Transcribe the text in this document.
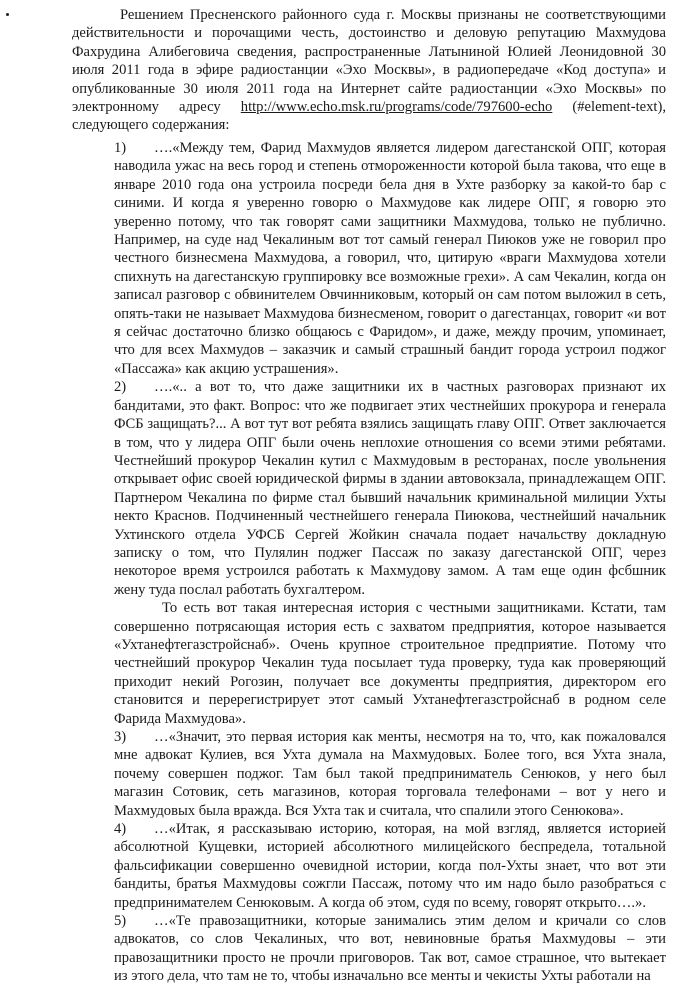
Решением Пресненского районного суда г. Москвы признаны не соответствующими действительности и порочащими честь, достоинство и деловую репутацию Махмудова Фахрудина Алибеговича сведения, распространенные Латыниной Юлией Леонидовной 30 июля 2011 года в эфире радиостанции «Эхо Москвы», в радиопередаче «Код доступа» и опубликованные 30 июля 2011 года на Интернет сайте радиостанции «Эхо Москвы» по электронному адресу http://www.echo.msk.ru/programs/code/797600-echo (#element-text), следующего содержания:

1) ….«Между тем, Фарид Махмудов является лидером дагестанской ОПГ, которая наводила ужас на весь город и степень отмороженности которой была такова, что еще в январе 2010 года она устроила посреди бела дня в Ухте разборку за какой-то бар с синими. И когда я уверенно говорю о Махмудове как лидере ОПГ, я говорю это уверенно потому, что так говорят сами защитники Махмудова, только не публично. Например, на суде над Чекалиным вот тот самый генерал Пиюков уже не говорил про честного бизнесмена Махмудова, а говорил, что, цитирую «враги Махмудова хотели спихнуть на дагестанскую группировку все возможные грехи». А сам Чекалин, когда он записал разговор с обвинителем Овчинниковым, который он сам потом выложил в сеть, опять-таки не называет Махмудова бизнесменом, говорит о дагестанцах, говорит «и вот я сейчас достаточно близко общаюсь с Фаридом», и даже, между прочим, упоминает, что для всех Махмудов – заказчик и самый страшный бандит города устроил поджог «Пассажа» как акцию устрашения».

2) ….«.. а вот то, что даже защитники их в частных разговорах признают их бандитами, это факт. Вопрос: что же подвигает этих честнейших прокурора и генерала ФСБ защищать?... А вот тут вот ребята взялись защищать главу ОПГ. Ответ заключается в том, что у лидера ОПГ были очень неплохие отношения со всеми этими ребятами. Честнейший прокурор Чекалин кутил с Махмудовым в ресторанах, после увольнения открывает офис своей юридической фирмы в здании автовокзала, принадлежащем ОПГ. Партнером Чекалина по фирме стал бывший начальник криминальной милиции Ухты некто Краснов. Подчиненный честнейшего генерала Пиюкова, честнейший начальник Ухтинского отдела УФСБ Сергей Жойкин сначала подает начальству докладную записку о том, что Пулялин поджег Пассаж по заказу дагестанской ОПГ, через некоторое время устроился работать к Махмудову замом. А там еще один фсбшник жену туда послал работать бухгалтером.

То есть вот такая интересная история с честными защитниками. Кстати, там совершенно потрясающая история есть с захватом предприятия, которое называется «Ухтанефтегазстройснаб». Очень крупное строительное предприятие. Потому что честнейший прокурор Чекалин туда посылает туда проверку, туда как проверяющий приходит некий Рогозин, получает все документы предприятия, директором его становится и перерегистрирует этот самый Ухтанефтегазстройснаб в родном селе Фарида Махмудова».

3) …«Значит, это первая история как менты, несмотря на то, что, как пожаловался мне адвокат Кулиев, вся Ухта думала на Махмудовых. Более того, вся Ухта знала, почему совершен поджог. Там был такой предприниматель Сенюков, у него был магазин Сотовик, сеть магазинов, которая торговала телефонами – вот у него и Махмудовых была вражда. Вся Ухта так и считала, что спалили этого Сенюкова».

4) …«Итак, я рассказываю историю, которая, на мой взгляд, является историей абсолютной Кущевки, историей абсолютного милицейского беспредела, тотальной фальсификации совершенно очевидной истории, когда пол-Ухты знает, что вот эти бандиты, братья Махмудовы сожгли Пассаж, потому что им надо было разобраться с предпринимателем Сенюковым. А когда об этом, судя по всему, говорят открыто….».

5) …«Те правозащитники, которые занимались этим делом и кричали со слов адвокатов, со слов Чекалиных, что вот, невиновные братья Махмудовы – эти правозащитники просто не прочли приговоров. Так вот, самое страшное, что вытекает из этого дела, что там не то, чтобы изначально все менты и чекисты Ухты работали на
